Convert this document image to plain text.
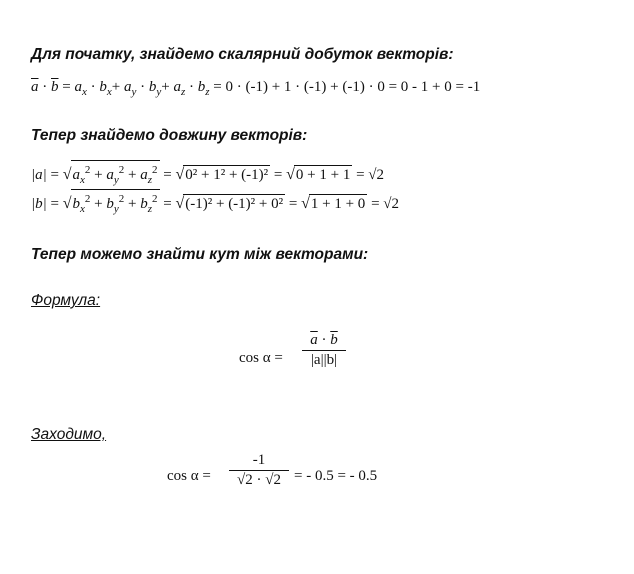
Для початку, знайдемо скалярний добуток векторів:
$\overline{a} \cdot \overline{b} = a_x \cdot b_x+ a_y \cdot b_y+ a_z \cdot b_z = 0 \cdot (-1) + 1 \cdot (-1) + (-1) \cdot 0 = 0 - 1 + 0 = -1$
Тепер знайдемо довжину векторів:
$|a| = √a_x^2 + a_y^2 + a_z^2 = √0^2 + 1^2 + (-1)^2 = √0 + 1 + 1 = √2$
$|b| = √b_x^2 + b_y^2 + b_z^2 = √(-1)^2 + (-1)^2 + 0^2 = √1 + 1 + 0 = √2$
Тепер можемо знайти кут між векторами:
Формула:
cos α =
$\overline{a} \cdot \overline{b}$
|a||b|
Заходимо,
cos α =
-1
√2 · √2 = - 0.5 = - 0.5
